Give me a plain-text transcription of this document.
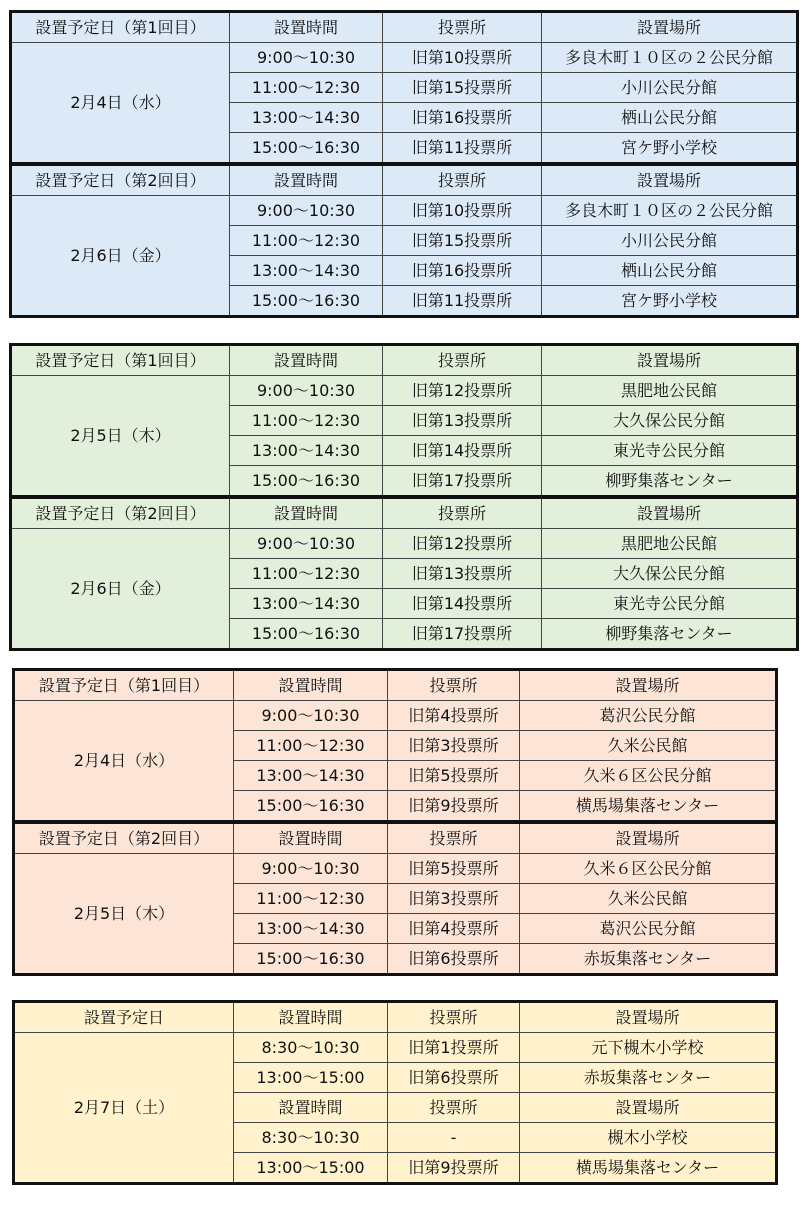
設置予定日（第1回目）	設置時間	投票所	設置場所
2月4日（水）	9:00～10:30	旧第10投票所	多良木町１０区の２公民分館
	11:00～12:30	旧第15投票所	小川公民分館
	13:00～14:30	旧第16投票所	栖山公民分館
	15:00～16:30	旧第11投票所	宮ケ野小学校
設置予定日（第2回目）	設置時間	投票所	設置場所
2月6日（金）	9:00～10:30	旧第10投票所	多良木町１０区の２公民分館
	11:00～12:30	旧第15投票所	小川公民分館
	13:00～14:30	旧第16投票所	栖山公民分館
	15:00～16:30	旧第11投票所	宮ケ野小学校
設置予定日（第1回目）	設置時間	投票所	設置場所
2月5日（木）	9:00～10:30	旧第12投票所	黒肥地公民館
	11:00～12:30	旧第13投票所	大久保公民分館
	13:00～14:30	旧第14投票所	東光寺公民分館
	15:00～16:30	旧第17投票所	柳野集落センター
設置予定日（第2回目）	設置時間	投票所	設置場所
2月6日（金）	9:00～10:30	旧第12投票所	黒肥地公民館
	11:00～12:30	旧第13投票所	大久保公民分館
	13:00～14:30	旧第14投票所	東光寺公民分館
	15:00～16:30	旧第17投票所	柳野集落センター
設置予定日（第1回目）	設置時間	投票所	設置場所
2月4日（水）	9:00～10:30	旧第4投票所	葛沢公民分館
	11:00～12:30	旧第3投票所	久米公民館
	13:00～14:30	旧第5投票所	久米６区公民分館
	15:00～16:30	旧第9投票所	横馬場集落センター
設置予定日（第2回目）	設置時間	投票所	設置場所
2月5日（木）	9:00～10:30	旧第5投票所	久米６区公民分館
	11:00～12:30	旧第3投票所	久米公民館
	13:00～14:30	旧第4投票所	葛沢公民分館
	15:00～16:30	旧第6投票所	赤坂集落センター
設置予定日	設置時間	投票所	設置場所
2月7日（土）	8:30～10:30	旧第1投票所	元下槻木小学校
	13:00～15:00	旧第6投票所	赤坂集落センター
	設置時間	投票所	設置場所
	8:30～10:30	-	槻木小学校
	13:00～15:00	旧第9投票所	横馬場集落センター
